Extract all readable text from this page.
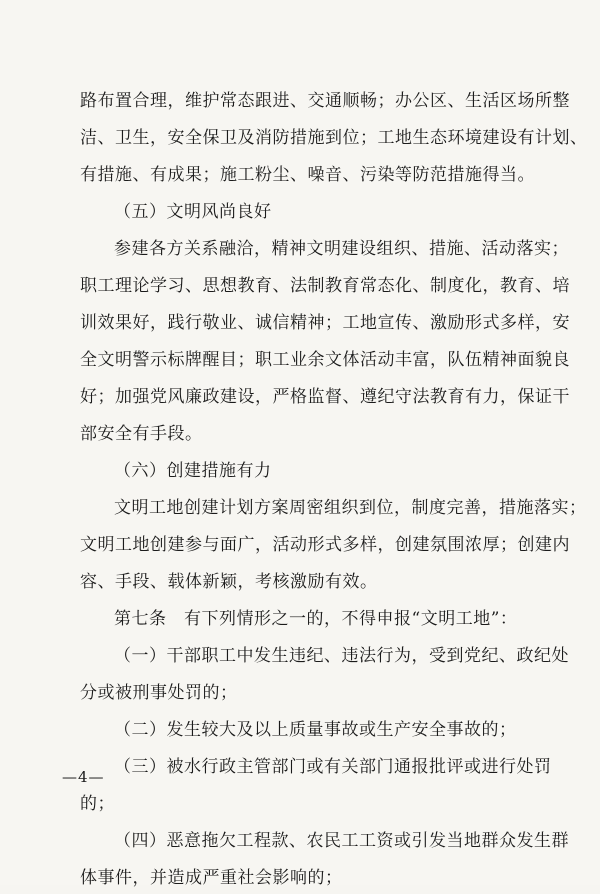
路布置合理，维护常态跟进、交通顺畅；办公区、生活区场所整
洁、卫生，安全保卫及消防措施到位；工地生态环境建设有计划、
有措施、有成果；施工粉尘、噪音、污染等防范措施得当。
（五）文明风尚良好
参建各方关系融洽，精神文明建设组织、措施、活动落实；
职工理论学习、思想教育、法制教育常态化、制度化，教育、培
训效果好，践行敬业、诚信精神；工地宣传、激励形式多样，安
全文明警示标牌醒目；职工业余文体活动丰富，队伍精神面貌良
好；加强党风廉政建设，严格监督、遵纪守法教育有力，保证干
部安全有手段。
（六）创建措施有力
文明工地创建计划方案周密组织到位，制度完善，措施落实；
文明工地创建参与面广，活动形式多样，创建氛围浓厚；创建内
容、手段、载体新颖，考核激励有效。
第七条　有下列情形之一的，不得申报“文明工地”：
（一）干部职工中发生违纪、违法行为，受到党纪、政纪处
分或被刑事处罚的；
（二）发生较大及以上质量事故或生产安全事故的；
（三）被水行政主管部门或有关部门通报批评或进行处罚
的；
（四）恶意拖欠工程款、农民工工资或引发当地群众发生群
体事件，并造成严重社会影响的；
—4—
